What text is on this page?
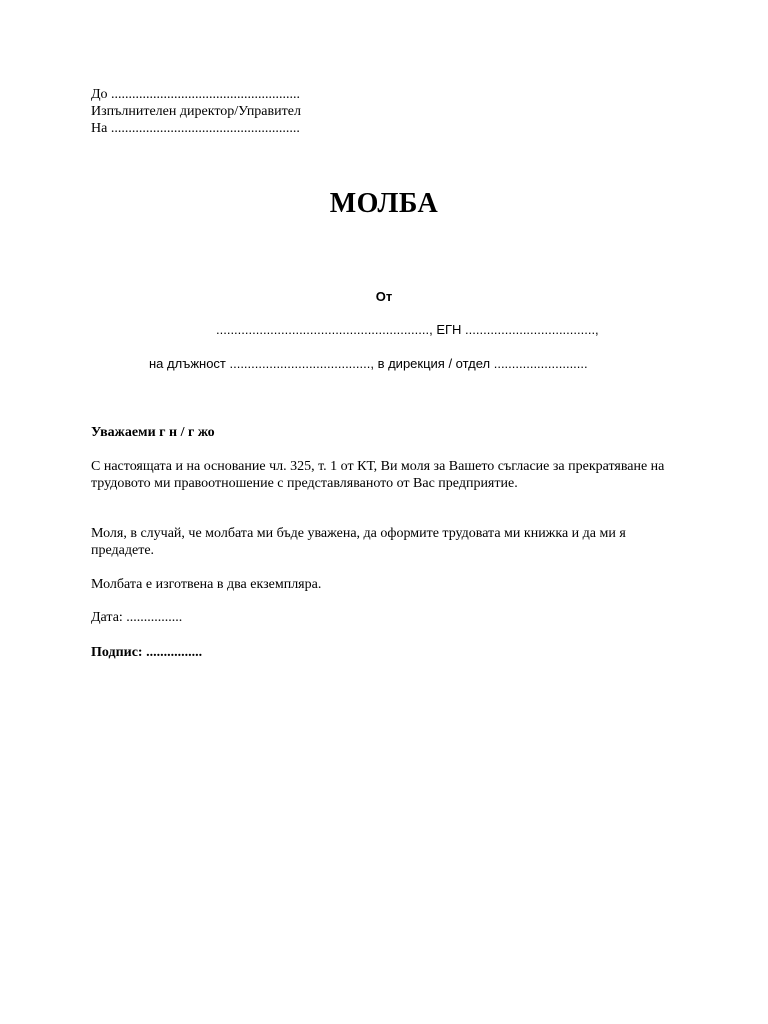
До ......................................................
Изпълнителен директор/Управител
На ......................................................
МОЛБА
От
..........................................................., ЕГН ....................................,
на длъжност ......................................., в дирекция / отдел ..........................
Уважаеми г н / г жо
С настоящата и на основание чл. 325, т. 1 от КТ, Ви моля за Вашето съгласие за прекратяване на трудовото ми правоотношение с представляваното от Вас предприятие.
Моля, в случай, че молбата ми бъде уважена, да оформите трудовата ми книжка и да ми я предадете.
Молбата е изготвена в два екземпляра.
Дата: ................
Подпис: ................
